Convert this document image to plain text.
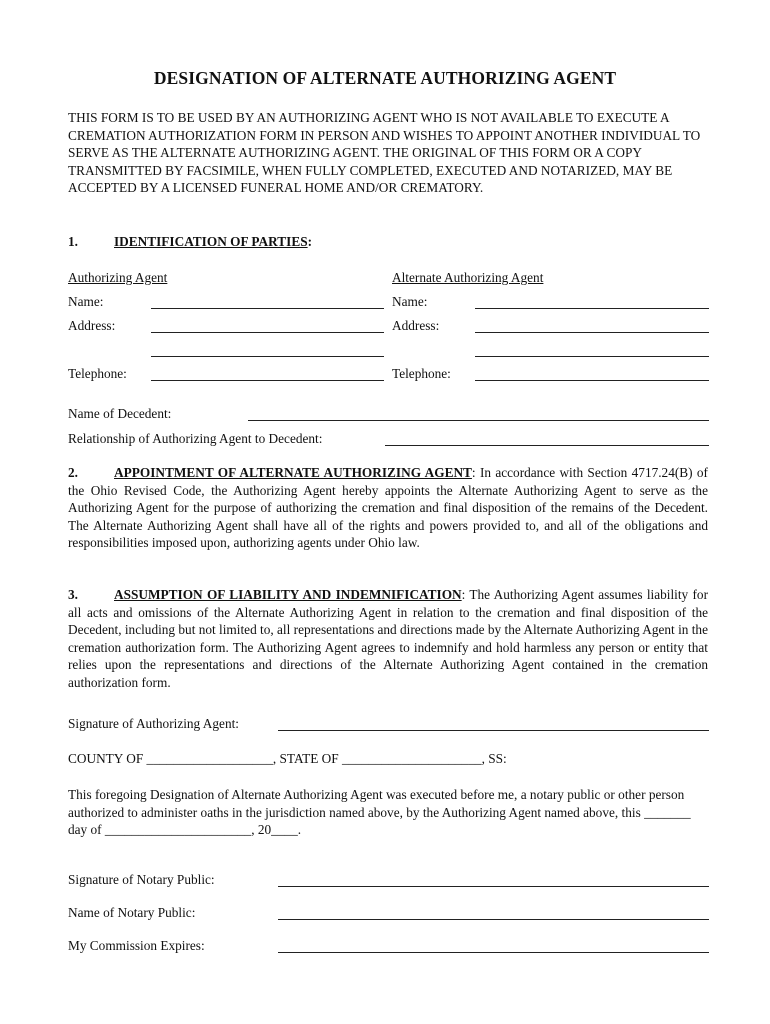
DESIGNATION OF ALTERNATE AUTHORIZING AGENT

THIS FORM IS TO BE USED BY AN AUTHORIZING AGENT WHO IS NOT AVAILABLE TO EXECUTE A CREMATION AUTHORIZATION FORM IN PERSON AND WISHES TO APPOINT ANOTHER INDIVIDUAL TO SERVE AS THE ALTERNATE AUTHORIZING AGENT. THE ORIGINAL OF THIS FORM OR A COPY TRANSMITTED BY FACSIMILE, WHEN FULLY COMPLETED, EXECUTED AND NOTARIZED, MAY BE ACCEPTED BY A LICENSED FUNERAL HOME AND/OR CREMATORY.

1.	IDENTIFICATION OF PARTIES:
Authorizing Agent	Alternate Authorizing Agent
Name:	Name:
Address:	Address:
Telephone:	Telephone:
Name of Decedent:
Relationship of Authorizing Agent to Decedent:

2.	APPOINTMENT OF ALTERNATE AUTHORIZING AGENT: In accordance with Section 4717.24(B) of the Ohio Revised Code, the Authorizing Agent hereby appoints the Alternate Authorizing Agent to serve as the Authorizing Agent for the purpose of authorizing the cremation and final disposition of the remains of the Decedent. The Alternate Authorizing Agent shall have all of the rights and powers provided to, and all of the obligations and responsibilities imposed upon, authorizing agents under Ohio law.

3.	ASSUMPTION OF LIABILITY AND INDEMNIFICATION: The Authorizing Agent assumes liability for all acts and omissions of the Alternate Authorizing Agent in relation to the cremation and final disposition of the Decedent, including but not limited to, all representations and directions made by the Alternate Authorizing Agent in the cremation authorization form. The Authorizing Agent agrees to indemnify and hold harmless any person or entity that relies upon the representations and directions of the Alternate Authorizing Agent contained in the cremation authorization form.

Signature of Authorizing Agent:
COUNTY OF ___________________, STATE OF _____________________, SS:

This foregoing Designation of Alternate Authorizing Agent was executed before me, a notary public or other person authorized to administer oaths in the jurisdiction named above, by the Authorizing Agent named above, this _______ day of ______________________, 20____.

Signature of Notary Public:
Name of Notary Public:
My Commission Expires:
